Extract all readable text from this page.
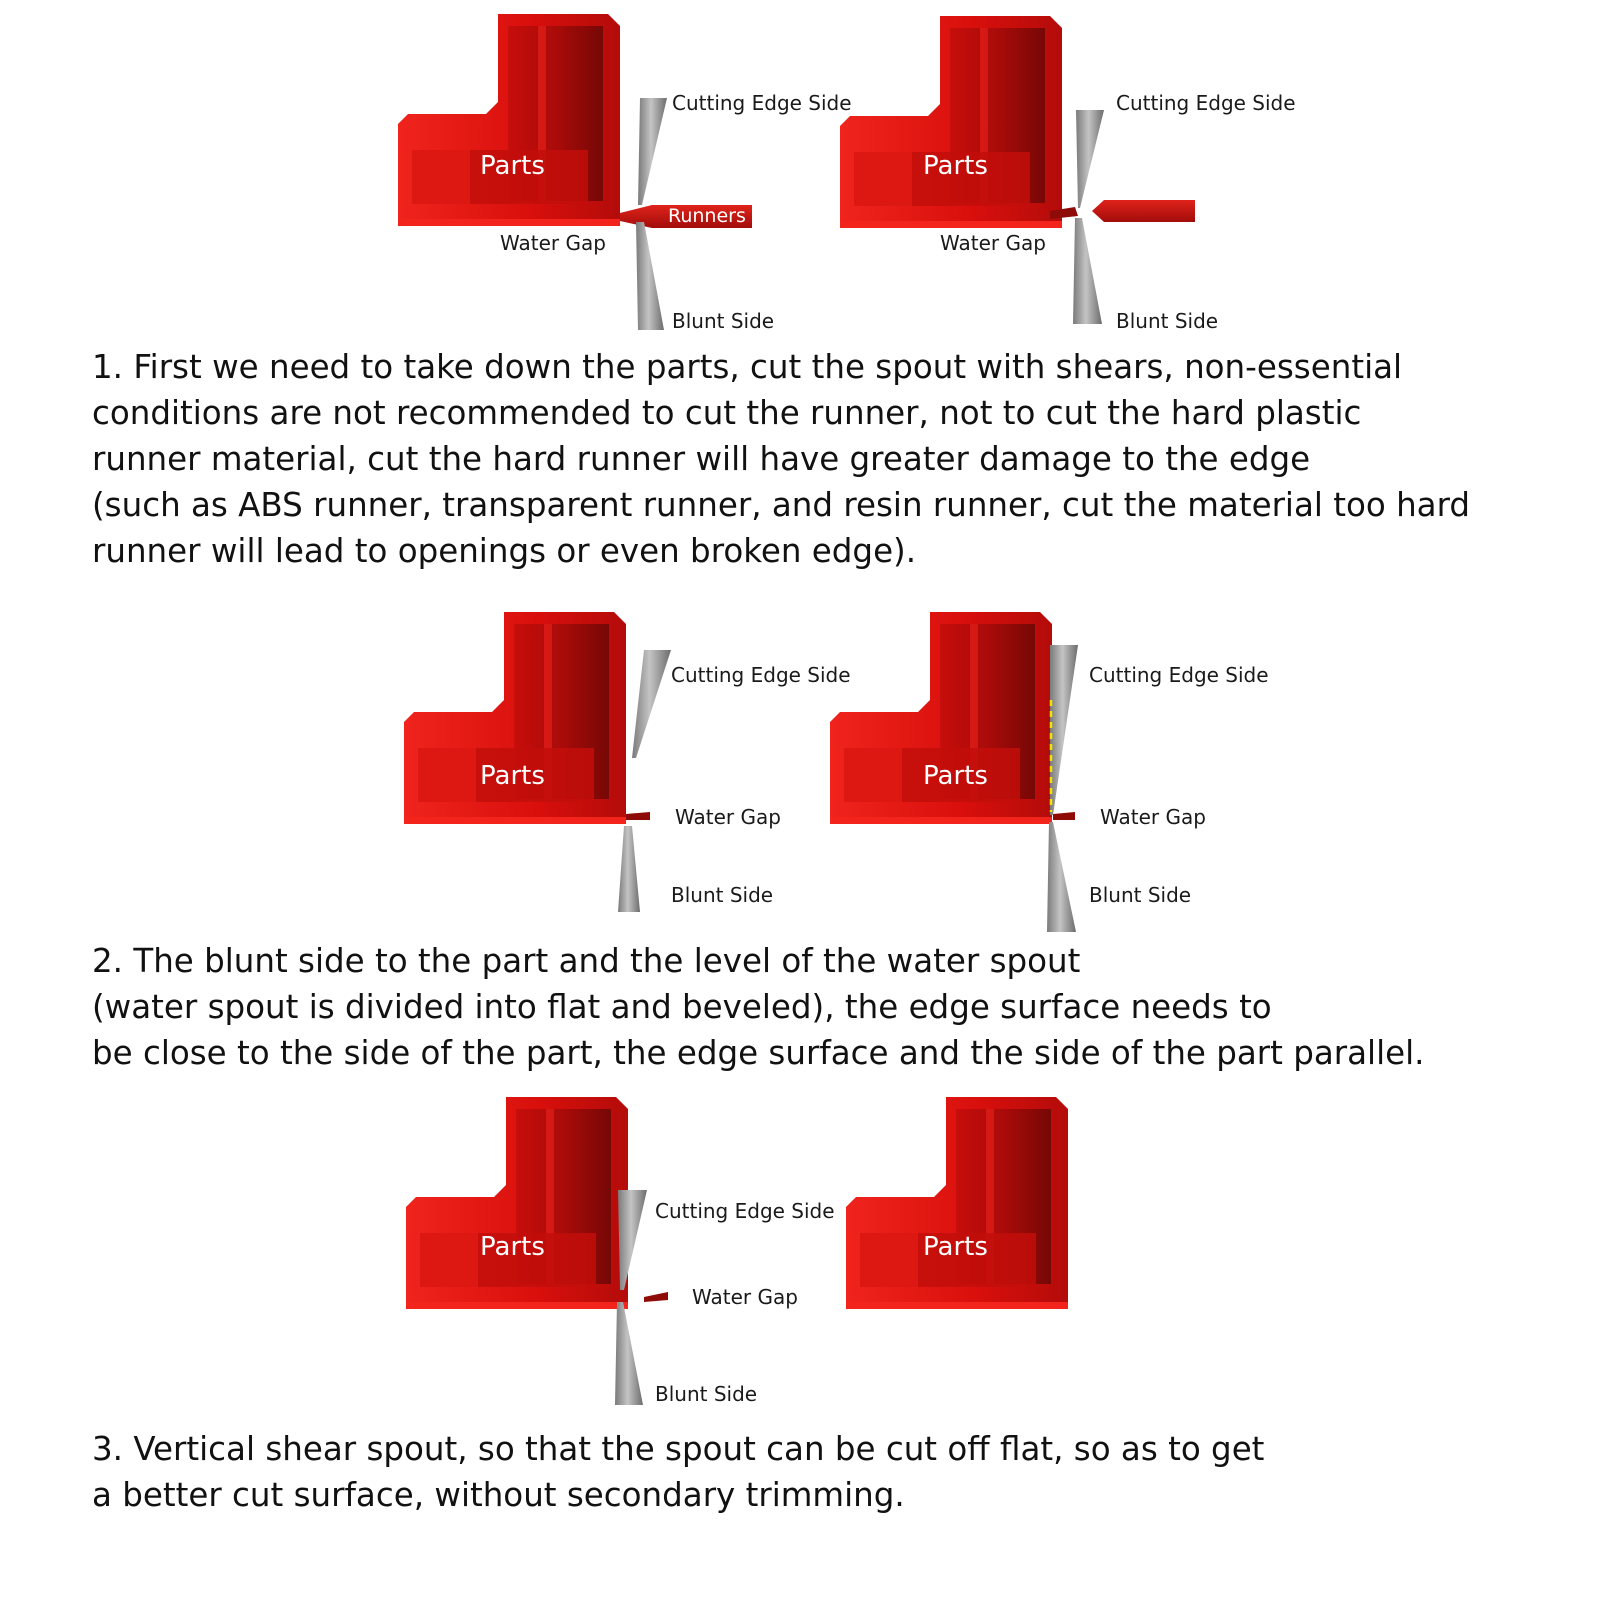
Parts
Runners
Cutting Edge Side
Water Gap
Blunt Side
Parts
Cutting Edge Side
Water Gap
Blunt Side
Parts
Cutting Edge Side
Water Gap
Blunt Side
Parts
Cutting Edge Side
Water Gap
Blunt Side
Parts
Cutting Edge Side
Water Gap
Blunt Side
Parts

1. First we need to take down the parts, cut the spout with shears, non-essential
conditions are not recommended to cut the runner, not to cut the hard plastic
runner material, cut the hard runner will have greater damage to the edge
(such as ABS runner, transparent runner, and resin runner, cut the material too hard
runner will lead to openings or even broken edge).

2. The blunt side to the part and the level of the water spout
(water spout is divided into flat and beveled), the edge surface needs to
be close to the side of the part, the edge surface and the side of the part parallel.

3. Vertical shear spout, so that the spout can be cut off flat, so as to get
a better cut surface, without secondary trimming.
